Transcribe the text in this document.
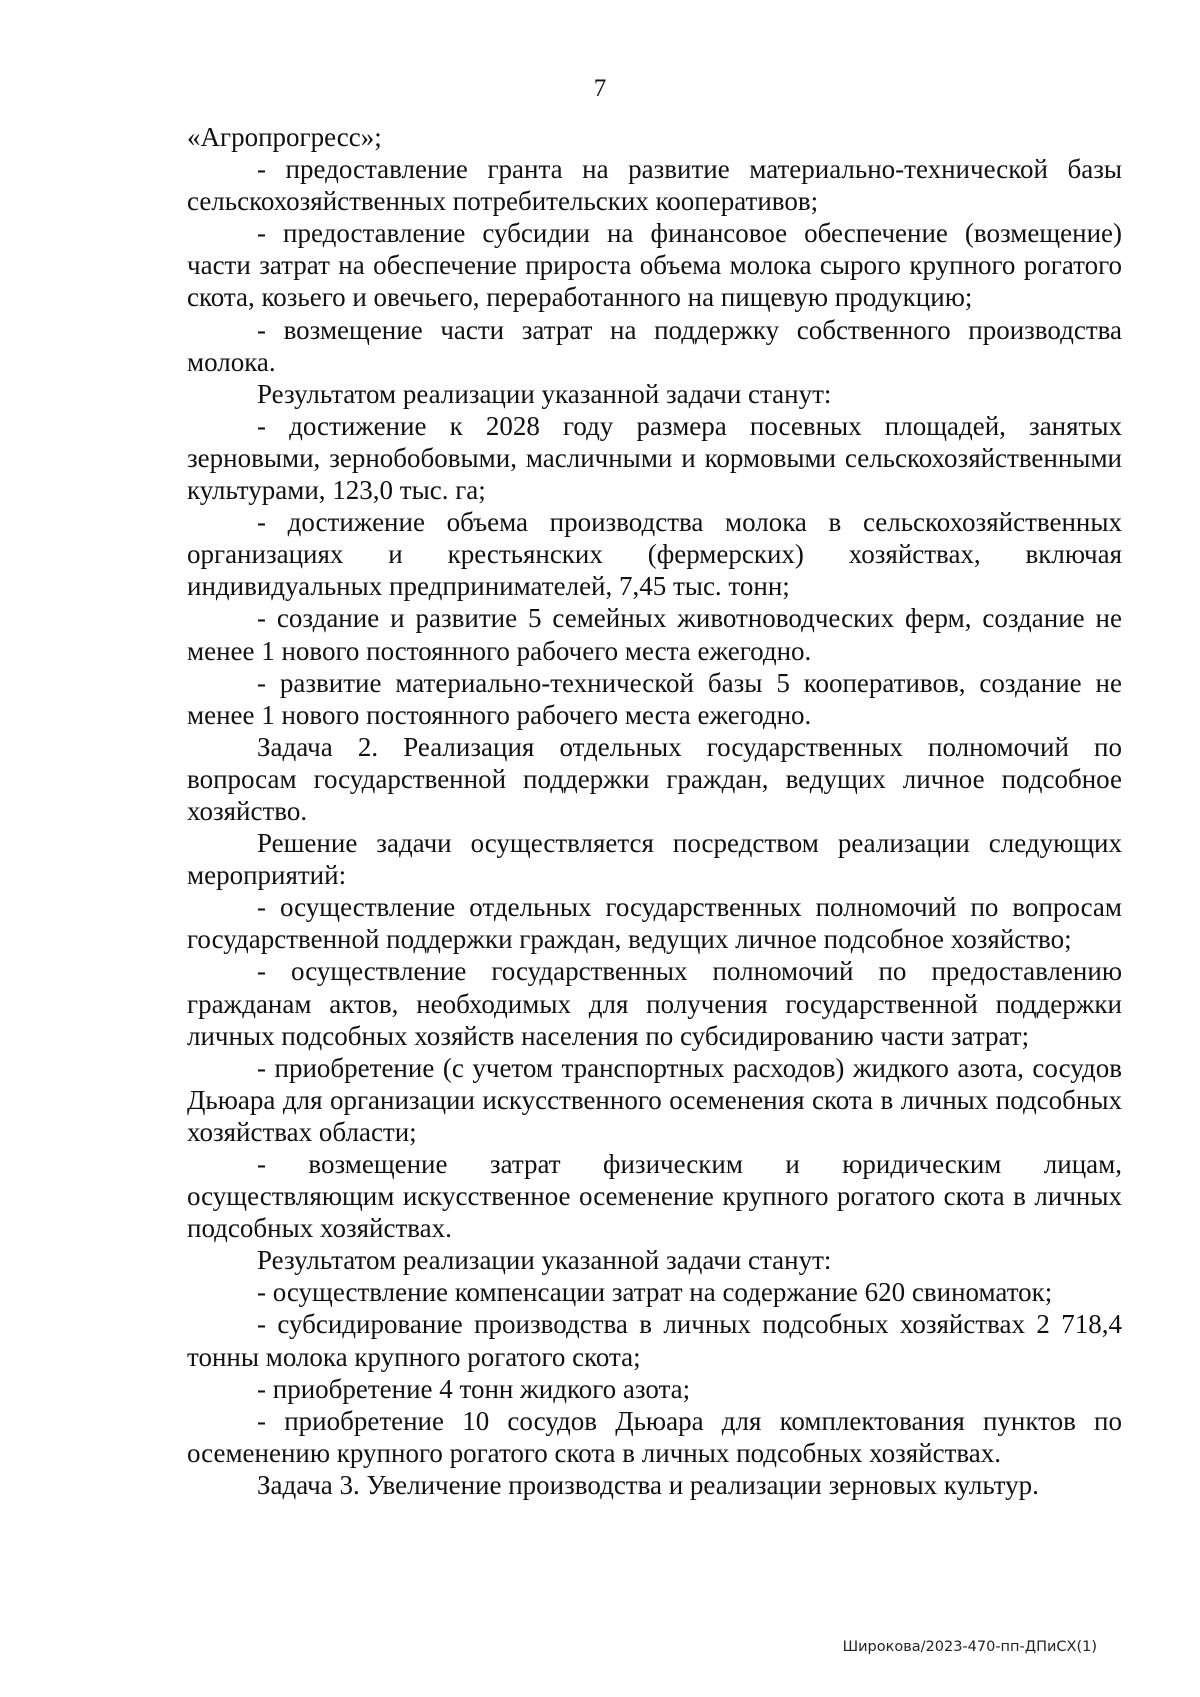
7

«Агропрогресс»;

- предоставление гранта на развитие материально-технической базы сельскохозяйственных потребительских кооперативов;

- предоставление субсидии на финансовое обеспечение (возмещение) части затрат на обеспечение прироста объема молока сырого крупного рогатого скота, козьего и овечьего, переработанного на пищевую продукцию;

- возмещение части затрат на поддержку собственного производства молока.

Результатом реализации указанной задачи станут:

- достижение к 2028 году размера посевных площадей, занятых зерновыми, зернобобовыми, масличными и кормовыми сельскохозяйственными культурами, 123,0 тыс. га;

- достижение объема производства молока в сельскохозяйственных организациях и крестьянских (фермерских) хозяйствах, включая индивидуальных предпринимателей, 7,45 тыс. тонн;

- создание и развитие 5 семейных животноводческих ферм, создание не менее 1 нового постоянного рабочего места ежегодно.

- развитие материально-технической базы 5 кооперативов, создание не менее 1 нового постоянного рабочего места ежегодно.

Задача 2. Реализация отдельных государственных полномочий по вопросам государственной поддержки граждан, ведущих личное подсобное хозяйство.

Решение задачи осуществляется посредством реализации следующих мероприятий:

- осуществление отдельных государственных полномочий по вопросам государственной поддержки граждан, ведущих личное подсобное хозяйство;

- осуществление государственных полномочий по предоставлению гражданам актов, необходимых для получения государственной поддержки личных подсобных хозяйств населения по субсидированию части затрат;

- приобретение (с учетом транспортных расходов) жидкого азота, сосудов Дьюара для организации искусственного осеменения скота в личных подсобных хозяйствах области;

- возмещение затрат физическим и юридическим лицам, осуществляющим искусственное осеменение крупного рогатого скота в личных подсобных хозяйствах.

Результатом реализации указанной задачи станут:

- осуществление компенсации затрат на содержание 620 свиноматок;

- субсидирование производства в личных подсобных хозяйствах 2 718,4 тонны молока крупного рогатого скота;

- приобретение 4 тонн жидкого азота;

- приобретение 10 сосудов Дьюара для комплектования пунктов по осеменению крупного рогатого скота в личных подсобных хозяйствах.

Задача 3. Увеличение производства и реализации зерновых культур.

Широкова/2023-470-пп-ДПиСХ(1)
